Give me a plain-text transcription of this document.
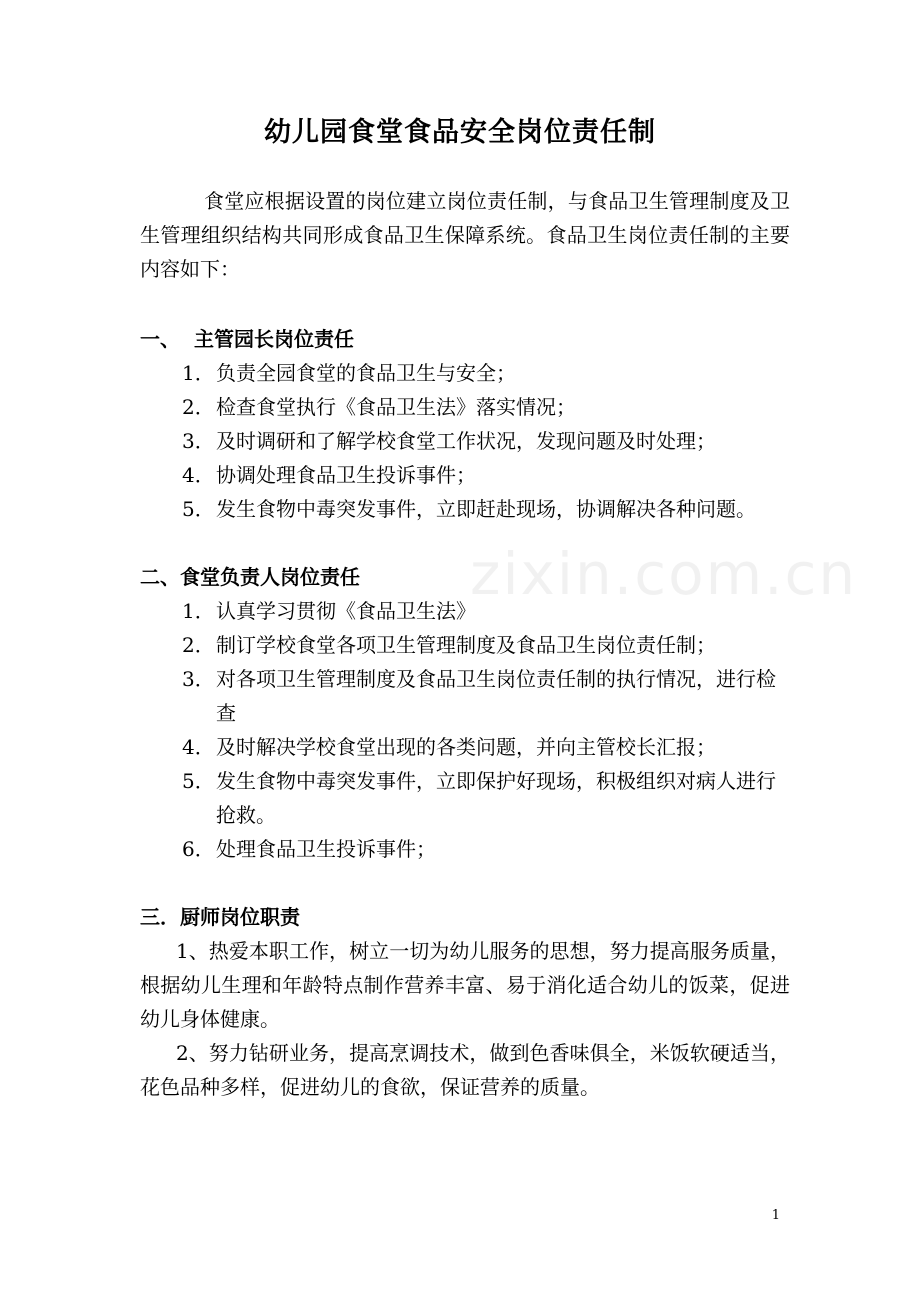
zixin.com.cn
幼儿园食堂食品安全岗位责任制

食堂应根据设置的岗位建立岗位责任制，与食品卫生管理制度及卫生管理组织结构共同形成食品卫生保障系统。食品卫生岗位责任制的主要内容如下：

一、 主管园长岗位责任
1． 负责全园食堂的食品卫生与安全；
2． 检查食堂执行《食品卫生法》落实情况；
3． 及时调研和了解学校食堂工作状况，发现问题及时处理；
4． 协调处理食品卫生投诉事件；
5． 发生食物中毒突发事件，立即赶赴现场，协调解决各种问题。
二、食堂负责人岗位责任
1． 认真学习贯彻《食品卫生法》
2． 制订学校食堂各项卫生管理制度及食品卫生岗位责任制；
3． 对各项卫生管理制度及食品卫生岗位责任制的执行情况，进行检查
4． 及时解决学校食堂出现的各类问题，并向主管校长汇报；
5． 发生食物中毒突发事件，立即保护好现场，积极组织对病人进行抢救。
6． 处理食品卫生投诉事件；
三．厨师岗位职责

1、热爱本职工作，树立一切为幼儿服务的思想，努力提高服务质量，根据幼儿生理和年龄特点制作营养丰富、易于消化适合幼儿的饭菜，促进幼儿身体健康。

2、努力钻研业务，提高烹调技术，做到色香味俱全，米饭软硬适当，花色品种多样，促进幼儿的食欲，保证营养的质量。

1
